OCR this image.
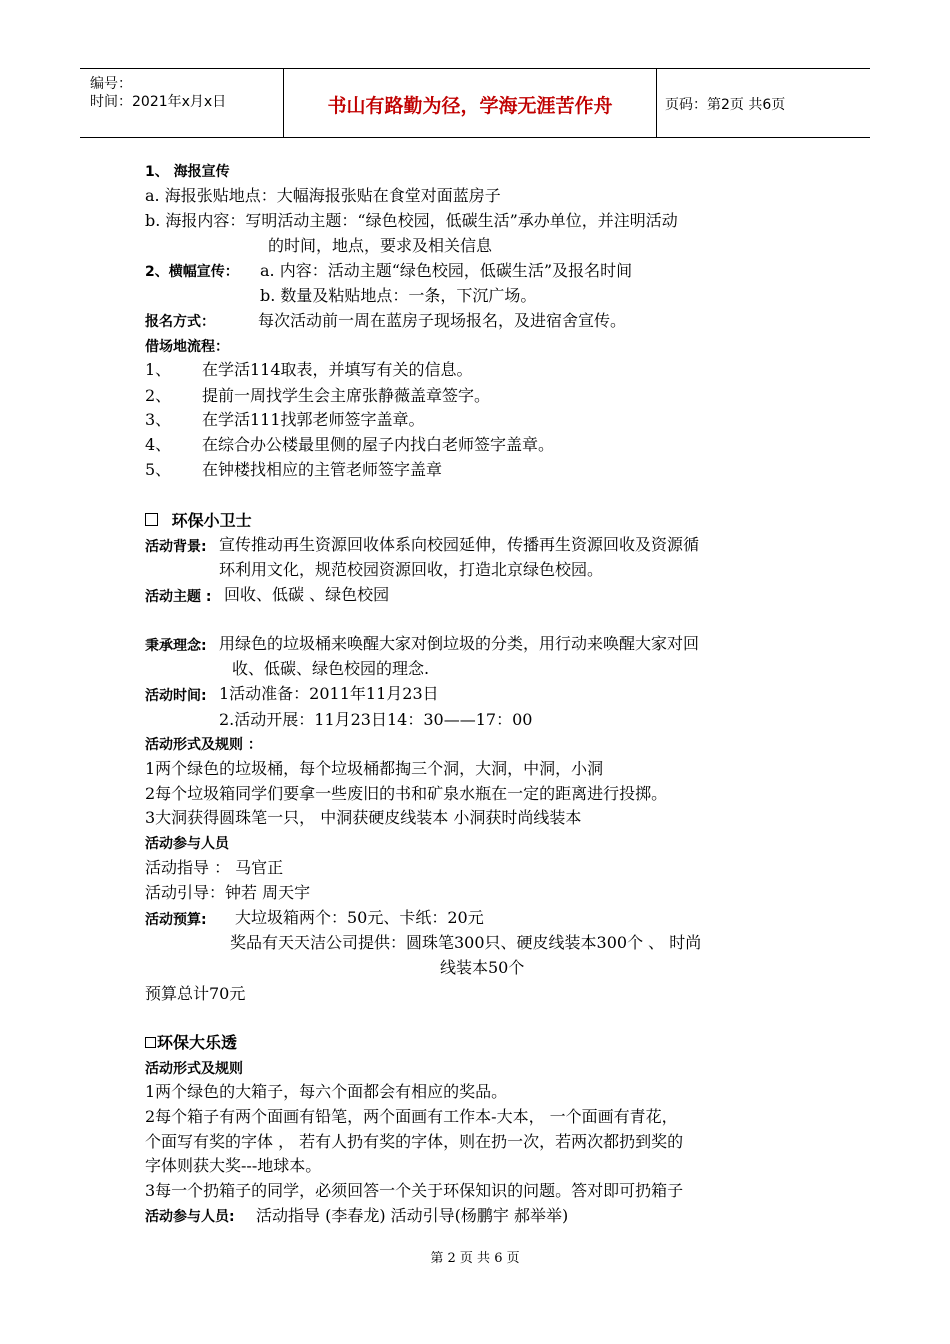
编号：
时间：2021年x月x日	书山有路勤为径，学海无涯苦作舟	页码：第2页 共6页
1、 海报宣传
a. 海报张贴地点：大幅海报张贴在食堂对面蓝房子
b. 海报内容：写明活动主题：“绿色校园，低碳生活”承办单位，并注明活动
的时间，地点，要求及相关信息
2、横幅宣传： a. 内容：活动主题“绿色校园，低碳生活”及报名时间
b. 数量及粘贴地点：一条，下沉广场。
报名方式：	每次活动前一周在蓝房子现场报名，及进宿舍宣传。
借场地流程：
1、 在学活114取表，并填写有关的信息。
2、 提前一周找学生会主席张静薇盖章签字。
3、 在学活111找郭老师签字盖章。
4、 在综合办公楼最里侧的屋子内找白老师签字盖章。
5、 在钟楼找相应的主管老师签字盖章
环保小卫士
活动背景: 宣传推动再生资源回收体系向校园延伸，传播再生资源回收及资源循
环利用文化，规范校园资源回收，打造北京绿色校园。
活动主题 : 回收、低碳 、绿色校园
秉承理念: 用绿色的垃圾桶来唤醒大家对倒垃圾的分类，用行动来唤醒大家对回
收、低碳、绿色校园的理念.
活动时间: 1活动准备：2011年11月23日
2.活动开展：11月23日14：30——17：00
活动形式及规则 ：
1两个绿色的垃圾桶，每个垃圾桶都掏三个洞，大洞，中洞，小洞
2每个垃圾箱同学们要拿一些废旧的书和矿泉水瓶在一定的距离进行投掷。
3大洞获得圆珠笔一只， 中洞获硬皮线装本 小洞获时尚线装本
活动参与人员
活动指导 ： 马官正
活动引导：钟若 周天宇
活动预算: 大垃圾箱两个：50元、卡纸：20元
奖品有天天洁公司提供：圆珠笔300只、硬皮线装本300个 、 时尚
线装本50个
预算总计70元
环保大乐透
活动形式及规则
1两个绿色的大箱子，每六个面都会有相应的奖品。
2每个箱子有两个面画有铅笔，两个面画有工作本-大本， 一个面画有青花，
个面写有奖的字体 ， 若有人扔有奖的字体，则在扔一次，若两次都扔到奖的
字体则获大奖---地球本。
3每一个扔箱子的同学，必须回答一个关于环保知识的问题。答对即可扔箱子
活动参与人员: 活动指导 (李春龙) 活动引导(杨鹏宇 郝举举)
第 2 页 共 6 页
